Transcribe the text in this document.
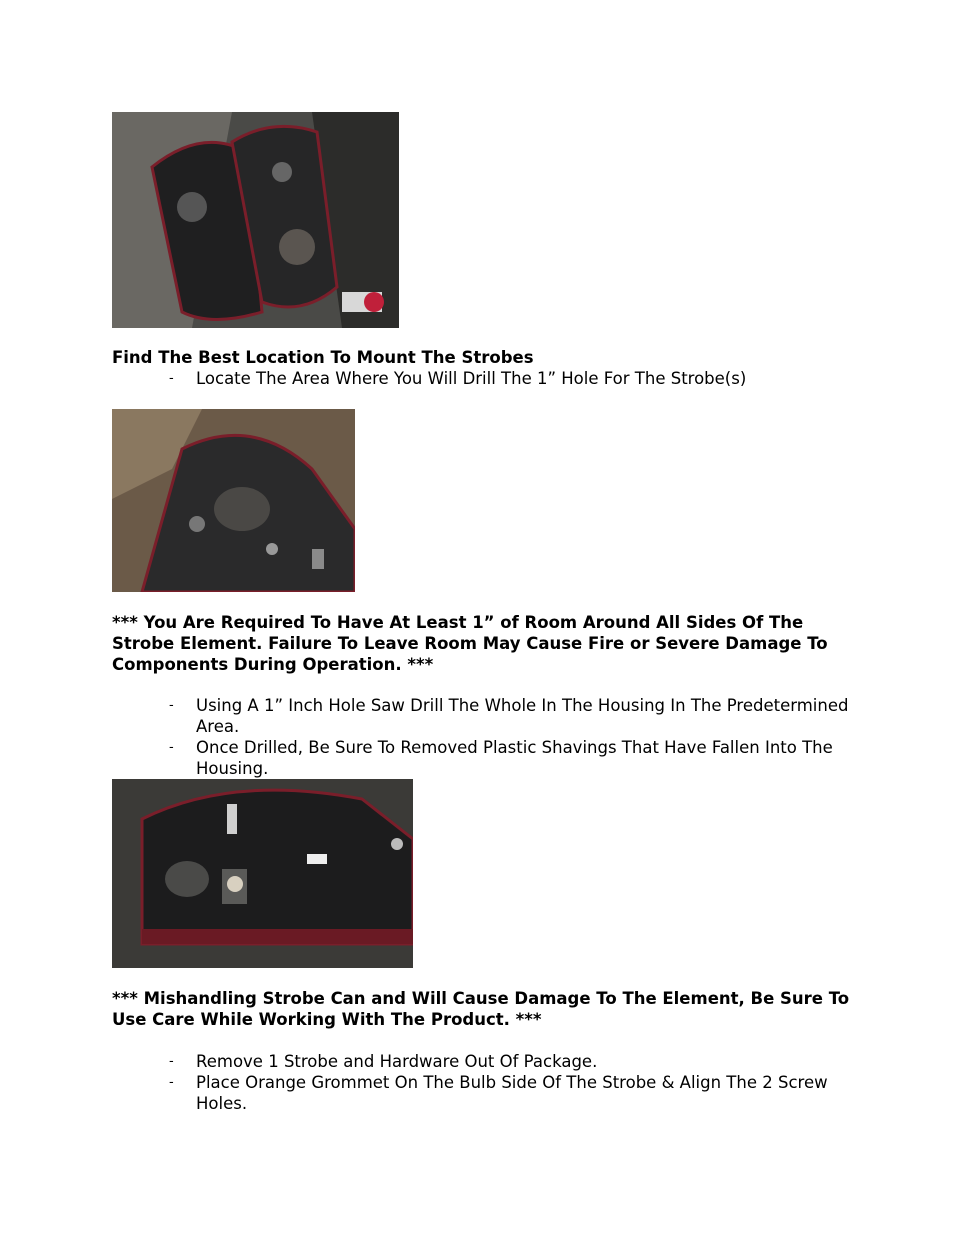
Find The Best Location To Mount The Strobes
- Locate The Area Where You Will Drill The 1” Hole For The Strobe(s)
*** You Are Required To Have At Least 1” of Room Around All Sides Of The Strobe Element. Failure To Leave Room May Cause Fire or Severe Damage To Components During Operation. ***
- Using A 1” Inch Hole Saw Drill The Whole In The Housing In The Predetermined Area.
- Once Drilled, Be Sure To Removed Plastic Shavings That Have Fallen Into The Housing.
*** Mishandling Strobe Can and Will Cause Damage To The Element, Be Sure To Use Care While Working With The Product. ***
- Remove 1 Strobe and Hardware Out Of Package.
- Place Orange Grommet On The Bulb Side Of The Strobe & Align The 2 Screw Holes.
